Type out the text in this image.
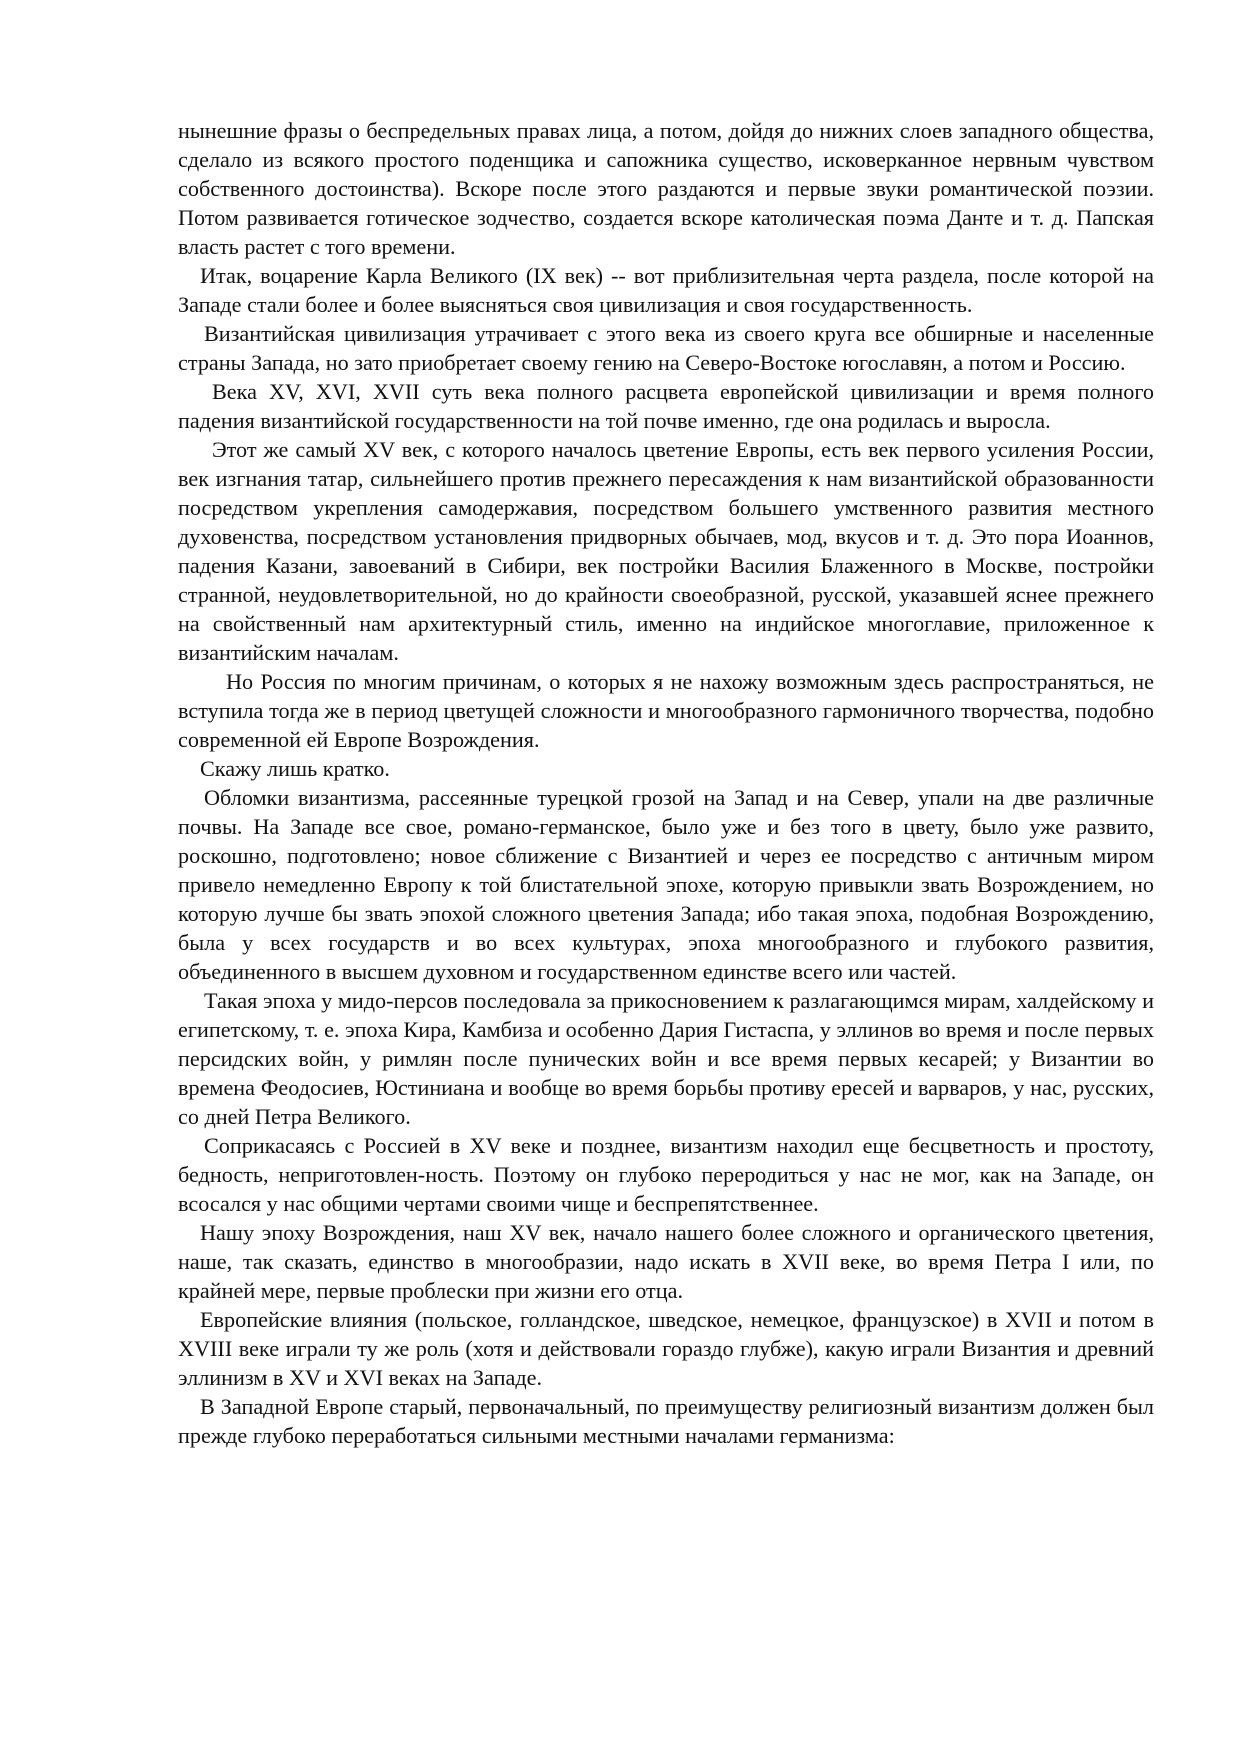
нынешние фразы о беспредельных правах лица, а потом, дойдя до нижних слоев западного общества, сделало из всякого простого поденщика и сапожника существо, исковерканное нервным чувством собственного достоинства). Вскоре после этого раздаются и первые звуки романтической поэзии. Потом развивается готическое зодчество, создается вскоре католическая поэма Данте и т. д. Папская власть растет с того времени.

Итак, воцарение Карла Великого (IX век) -- вот приблизительная черта раздела, после которой на Западе стали более и более выясняться своя цивилизация и своя государственность.

Византийская цивилизация утрачивает с этого века из своего круга все обширные и населенные страны Запада, но зато приобретает своему гению на Северо-Востоке югославян, а потом и Россию.

Века XV, XVI, XVII суть века полного расцвета европейской цивилизации и время полного падения византийской государственности на той почве именно, где она родилась и выросла.

Этот же самый XV век, с которого началось цветение Европы, есть век первого усиления России, век изгнания татар, сильнейшего против прежнего пересаждения к нам византийской образованности посредством укрепления самодержавия, посредством большего умственного развития местного духовенства, посредством установления придворных обычаев, мод, вкусов и т. д. Это пора Иоаннов, падения Казани, завоеваний в Сибири, век постройки Василия Блаженного в Москве, постройки странной, неудовлетворительной, но до крайности своеобразной, русской, указавшей яснее прежнего на свойственный нам архитектурный стиль, именно на индийское многоглавие, приложенное к византийским началам.

Но Россия по многим причинам, о которых я не нахожу возможным здесь распространяться, не вступила тогда же в период цветущей сложности и многообразного гармоничного творчества, подобно современной ей Европе Возрождения.

Скажу лишь кратко.

Обломки византизма, рассеянные турецкой грозой на Запад и на Север, упали на две различные почвы. На Западе все свое, романо-германское, было уже и без того в цвету, было уже развито, роскошно, подготовлено; новое сближение с Византией и через ее посредство с античным миром привело немедленно Европу к той блистательной эпохе, которую привыкли звать Возрождением, но которую лучше бы звать эпохой сложного цветения Запада; ибо такая эпоха, подобная Возрождению, была у всех государств и во всех культурах, эпоха многообразного и глубокого развития, объединенного в высшем духовном и государственном единстве всего или частей.

Такая эпоха у мидо-персов последовала за прикосновением к разлагающимся мирам, халдейскому и египетскому, т. е. эпоха Кира, Камбиза и особенно Дария Гистаспа, у эллинов во время и после первых персидских войн, у римлян после пунических войн и все время первых кесарей; у Византии во времена Феодосиев, Юстиниана и вообще во время борьбы противу ересей и варваров, у нас, русских, со дней Петра Великого.

Соприкасаясь с Россией в XV веке и позднее, византизм находил еще бесцветность и простоту, бедность, неприготовлен-ность. Поэтому он глубоко переродиться у нас не мог, как на Западе, он всосался у нас общими чертами своими чище и беспрепятственнее.

Нашу эпоху Возрождения, наш XV век, начало нашего более сложного и органического цветения, наше, так сказать, единство в многообразии, надо искать в XVII веке, во время Петра I или, по крайней мере, первые проблески при жизни его отца.

Европейские влияния (польское, голландское, шведское, немецкое, французское) в XVII и потом в XVIII веке играли ту же роль (хотя и действовали гораздо глубже), какую играли Византия и древний эллинизм в XV и XVI веках на Западе.

В Западной Европе старый, первоначальный, по преимуществу религиозный византизм должен был прежде глубоко переработаться сильными местными началами германизма:
